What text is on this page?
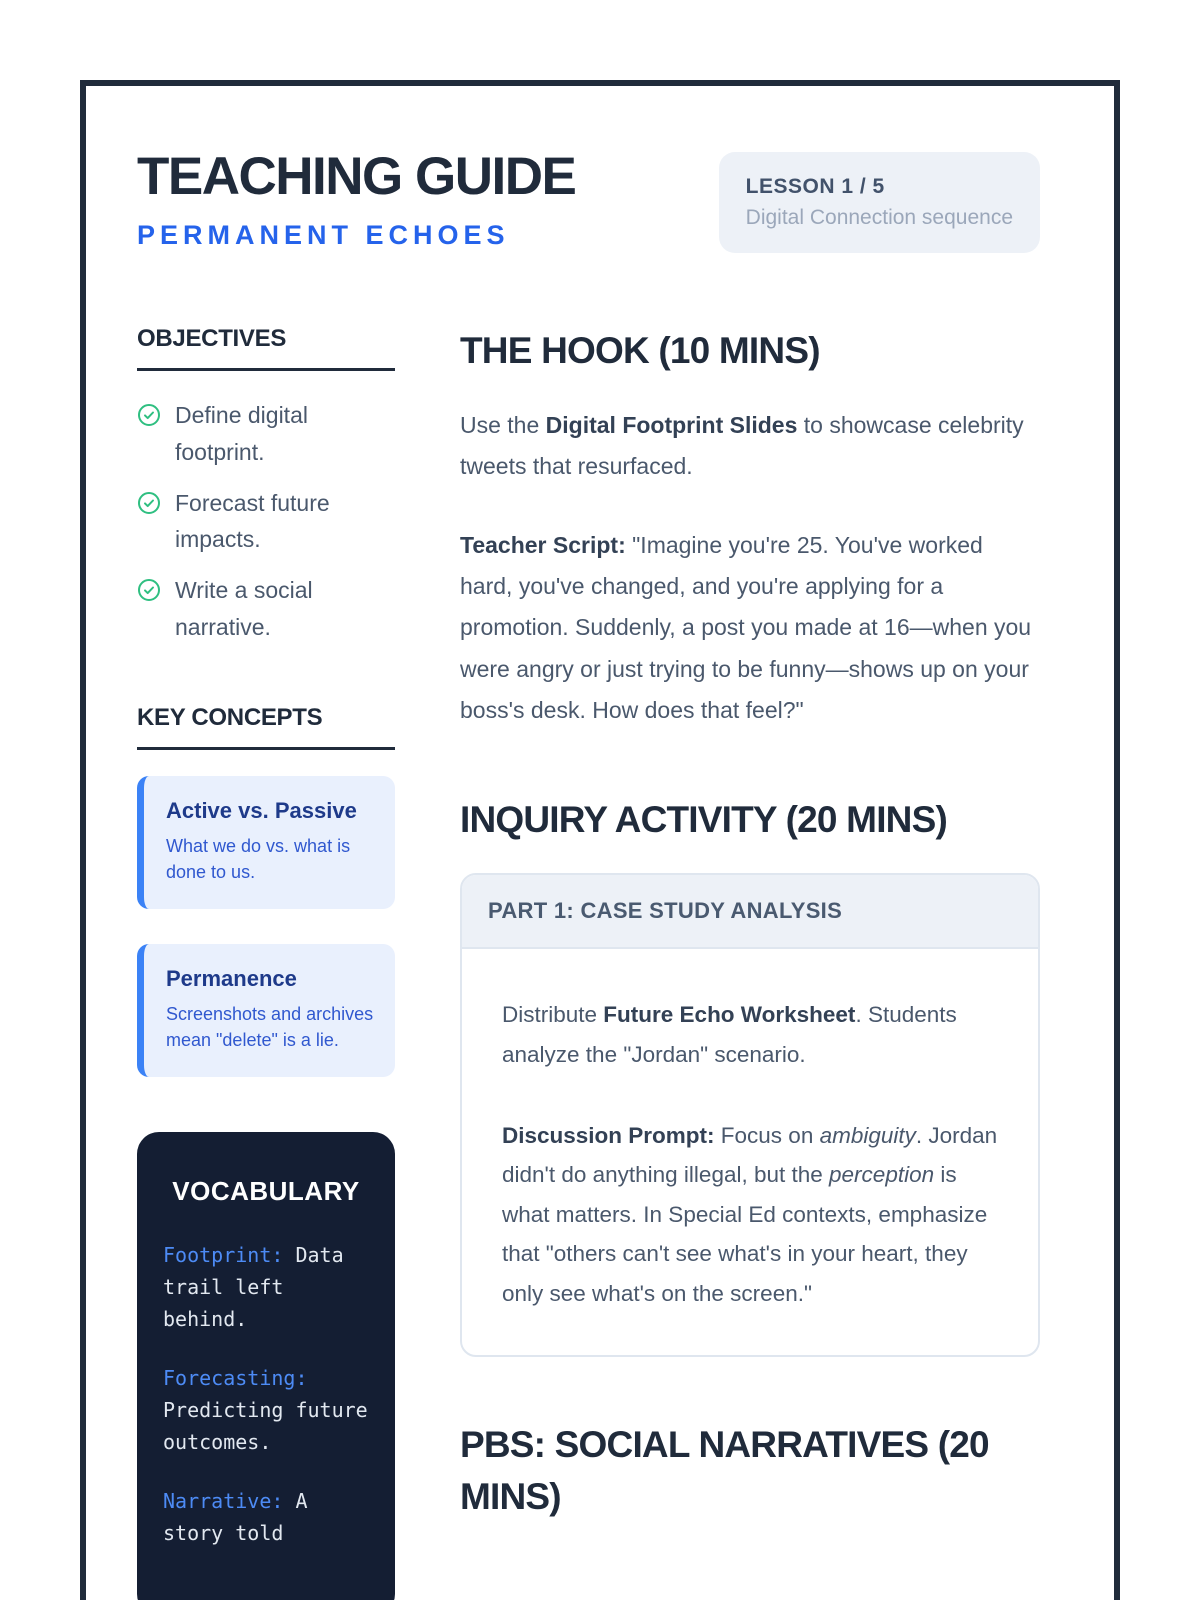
TEACHING GUIDE
PERMANENT ECHOES
LESSON 1 / 5
Digital Connection sequence
OBJECTIVES
Define digital footprint.
Forecast future impacts.
Write a social narrative.
KEY CONCEPTS
Active vs. Passive
What we do vs. what is done to us.
Permanence
Screenshots and archives mean "delete" is a lie.
VOCABULARY

Footprint: Data trail left behind.

Forecasting: Predicting future outcomes.

Narrative: A story told

THE HOOK (10 MINS)

Use the Digital Footprint Slides to showcase celebrity tweets that resurfaced.

Teacher Script: "Imagine you're 25. You've worked hard, you've changed, and you're applying for a promotion. Suddenly, a post you made at 16—when you were angry or just trying to be funny—shows up on your boss's desk. How does that feel?"

INQUIRY ACTIVITY (20 MINS)
PART 1: CASE STUDY ANALYSIS

Distribute Future Echo Worksheet. Students analyze the "Jordan" scenario.

Discussion Prompt: Focus on ambiguity. Jordan didn't do anything illegal, but the perception is what matters. In Special Ed contexts, emphasize that "others can't see what's in your heart, they only see what's on the screen."

PBS: SOCIAL NARRATIVES (20 MINS)
